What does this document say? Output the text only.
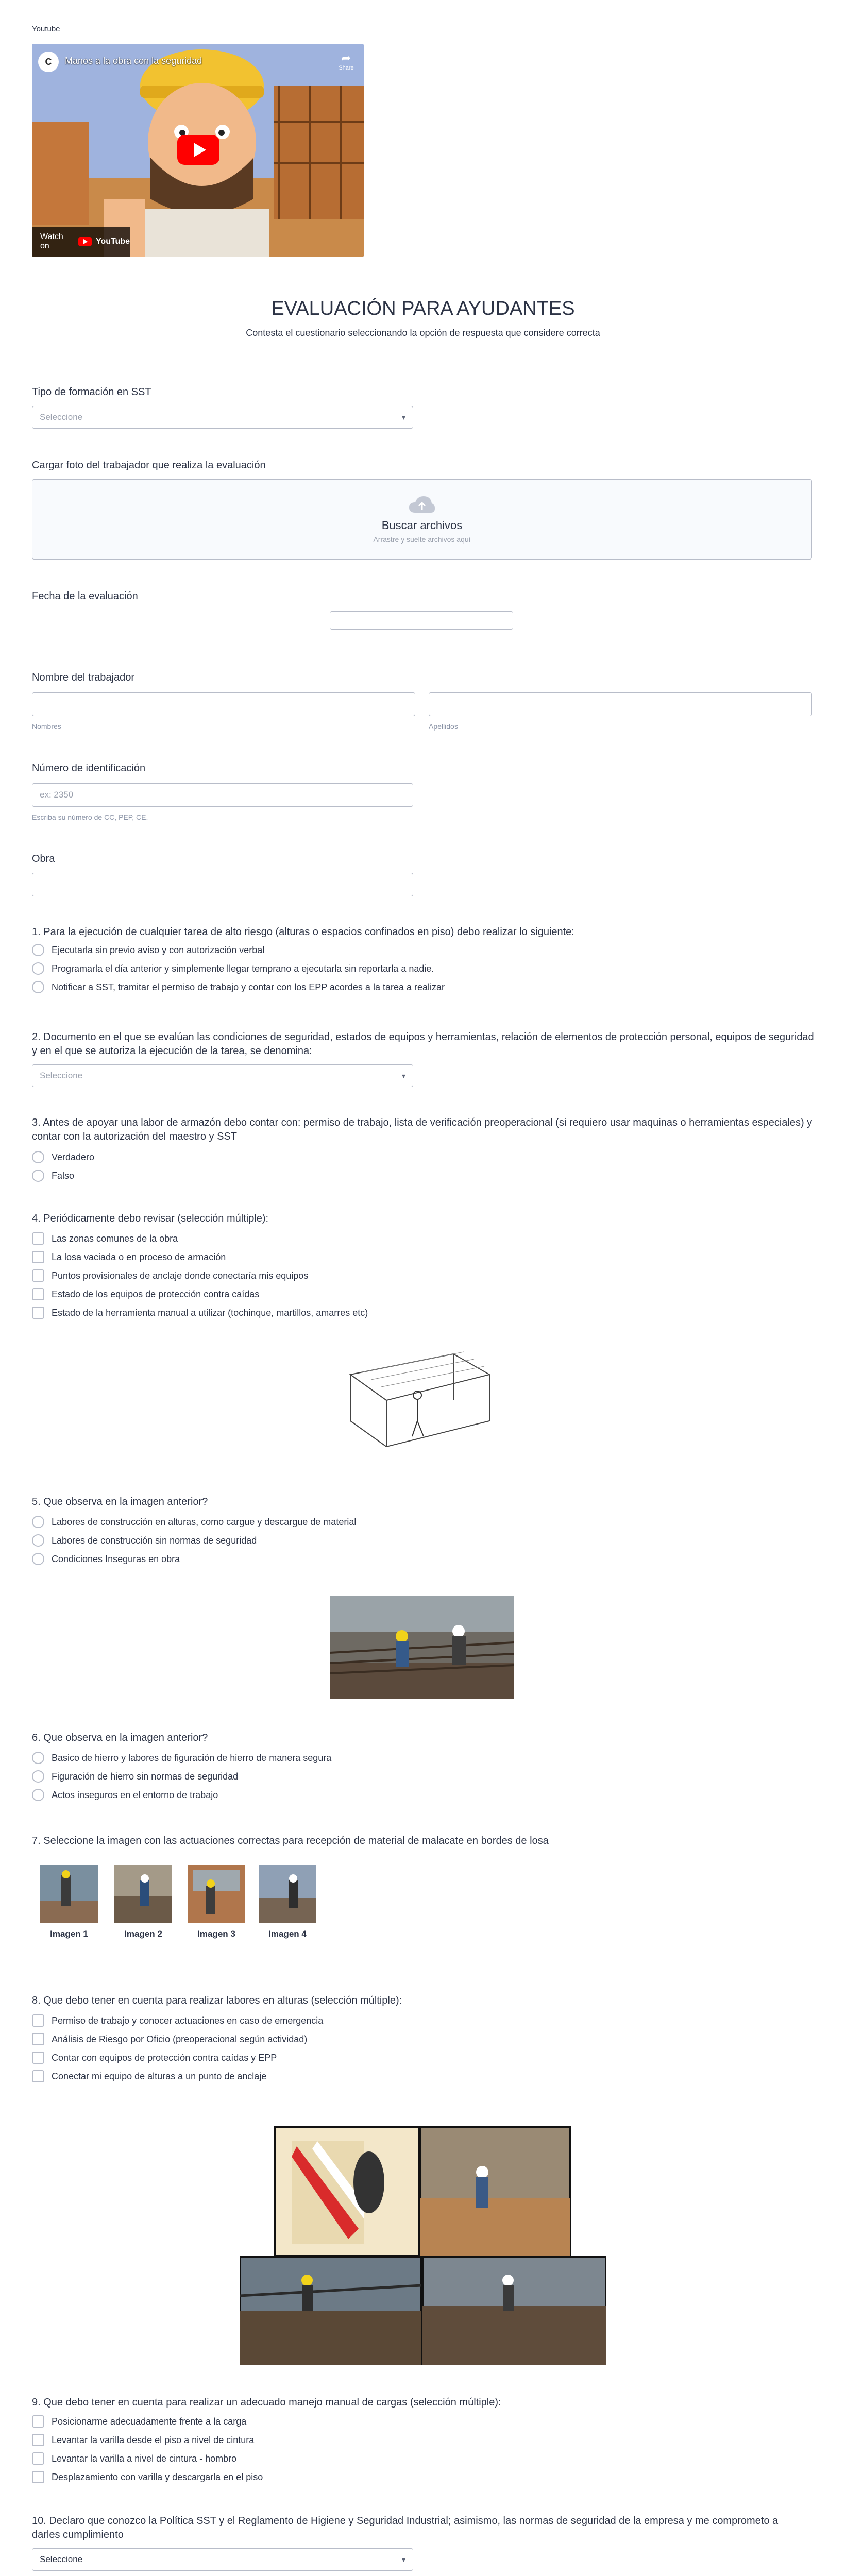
Youtube
C	Manos a la obra con la seguridad	➦
Share
Watch on
YouTube
EVALUACIÓN PARA AYUDANTES
Contesta el cuestionario seleccionando la opción de respuesta que considere correcta
Tipo de formación en SST
Seleccione	▾
Cargar foto del trabajador que realiza la evaluación
Buscar archivos
Arrastre y suelte archivos aquí
Fecha de la evaluación
Nombre del trabajador
Nombres	Apellidos
Número de identificación
ex: 2350
Escriba su número de CC, PEP, CE.
Obra
1. Para la ejecución de cualquier tarea de alto riesgo (alturas o espacios confinados en piso) debo realizar lo siguiente:
Ejecutarla sin previo aviso y con autorización verbal
Programarla el día anterior y simplemente llegar temprano a ejecutarla sin reportarla a nadie.
Notificar a SST, tramitar el permiso de trabajo y contar con los EPP acordes a la tarea a realizar
2. Documento en el que se evalúan las condiciones de seguridad, estados de equipos y herramientas, relación de elementos de protección personal, equipos de seguridad y en el que se autoriza la ejecución de la tarea, se denomina:
Seleccione	▾
3. Antes de apoyar una labor de armazón debo contar con: permiso de trabajo, lista de verificación preoperacional (si requiero usar maquinas o herramientas especiales) y contar con la autorización del maestro y SST
Verdadero
Falso
4. Periódicamente debo revisar (selección múltiple):
Las zonas comunes de la obra
La losa vaciada o en proceso de armación
Puntos provisionales de anclaje donde conectaría mis equipos
Estado de los equipos de protección contra caídas
Estado de la herramienta manual a utilizar (tochinque, martillos, amarres etc)
5. Que observa en la imagen anterior?
Labores de construcción en alturas, como cargue y descargue de material
Labores de construcción sin normas de seguridad
Condiciones Inseguras en obra
6. Que observa en la imagen anterior?
Basico de hierro y labores de figuración de hierro de manera segura
Figuración de hierro sin normas de seguridad
Actos inseguros en el entorno de trabajo
7. Seleccione la imagen con las actuaciones correctas para recepción de material de malacate en bordes de losa
Imagen 1	Imagen 2	Imagen 3	Imagen 4
8. Que debo tener en cuenta para realizar labores en alturas (selección múltiple):
Permiso de trabajo y conocer actuaciones en caso de emergencia
Análisis de Riesgo por Oficio (preoperacional según actividad)
Contar con equipos de protección contra caídas y EPP
Conectar mi equipo de alturas a un punto de anclaje
9. Que debo tener en cuenta para realizar un adecuado manejo manual de cargas (selección múltiple):
Posicionarme adecuadamente frente a la carga
Levantar la varilla desde el piso a nivel de cintura
Levantar la varilla a nivel de cintura - hombro
Desplazamiento con varilla y descargarla en el piso
10. Declaro que conozco la Política SST y el Reglamento de Higiene y Seguridad Industrial; asimismo, las normas de seguridad de la empresa y me comprometo a darles cumplimiento
Seleccione	▾
